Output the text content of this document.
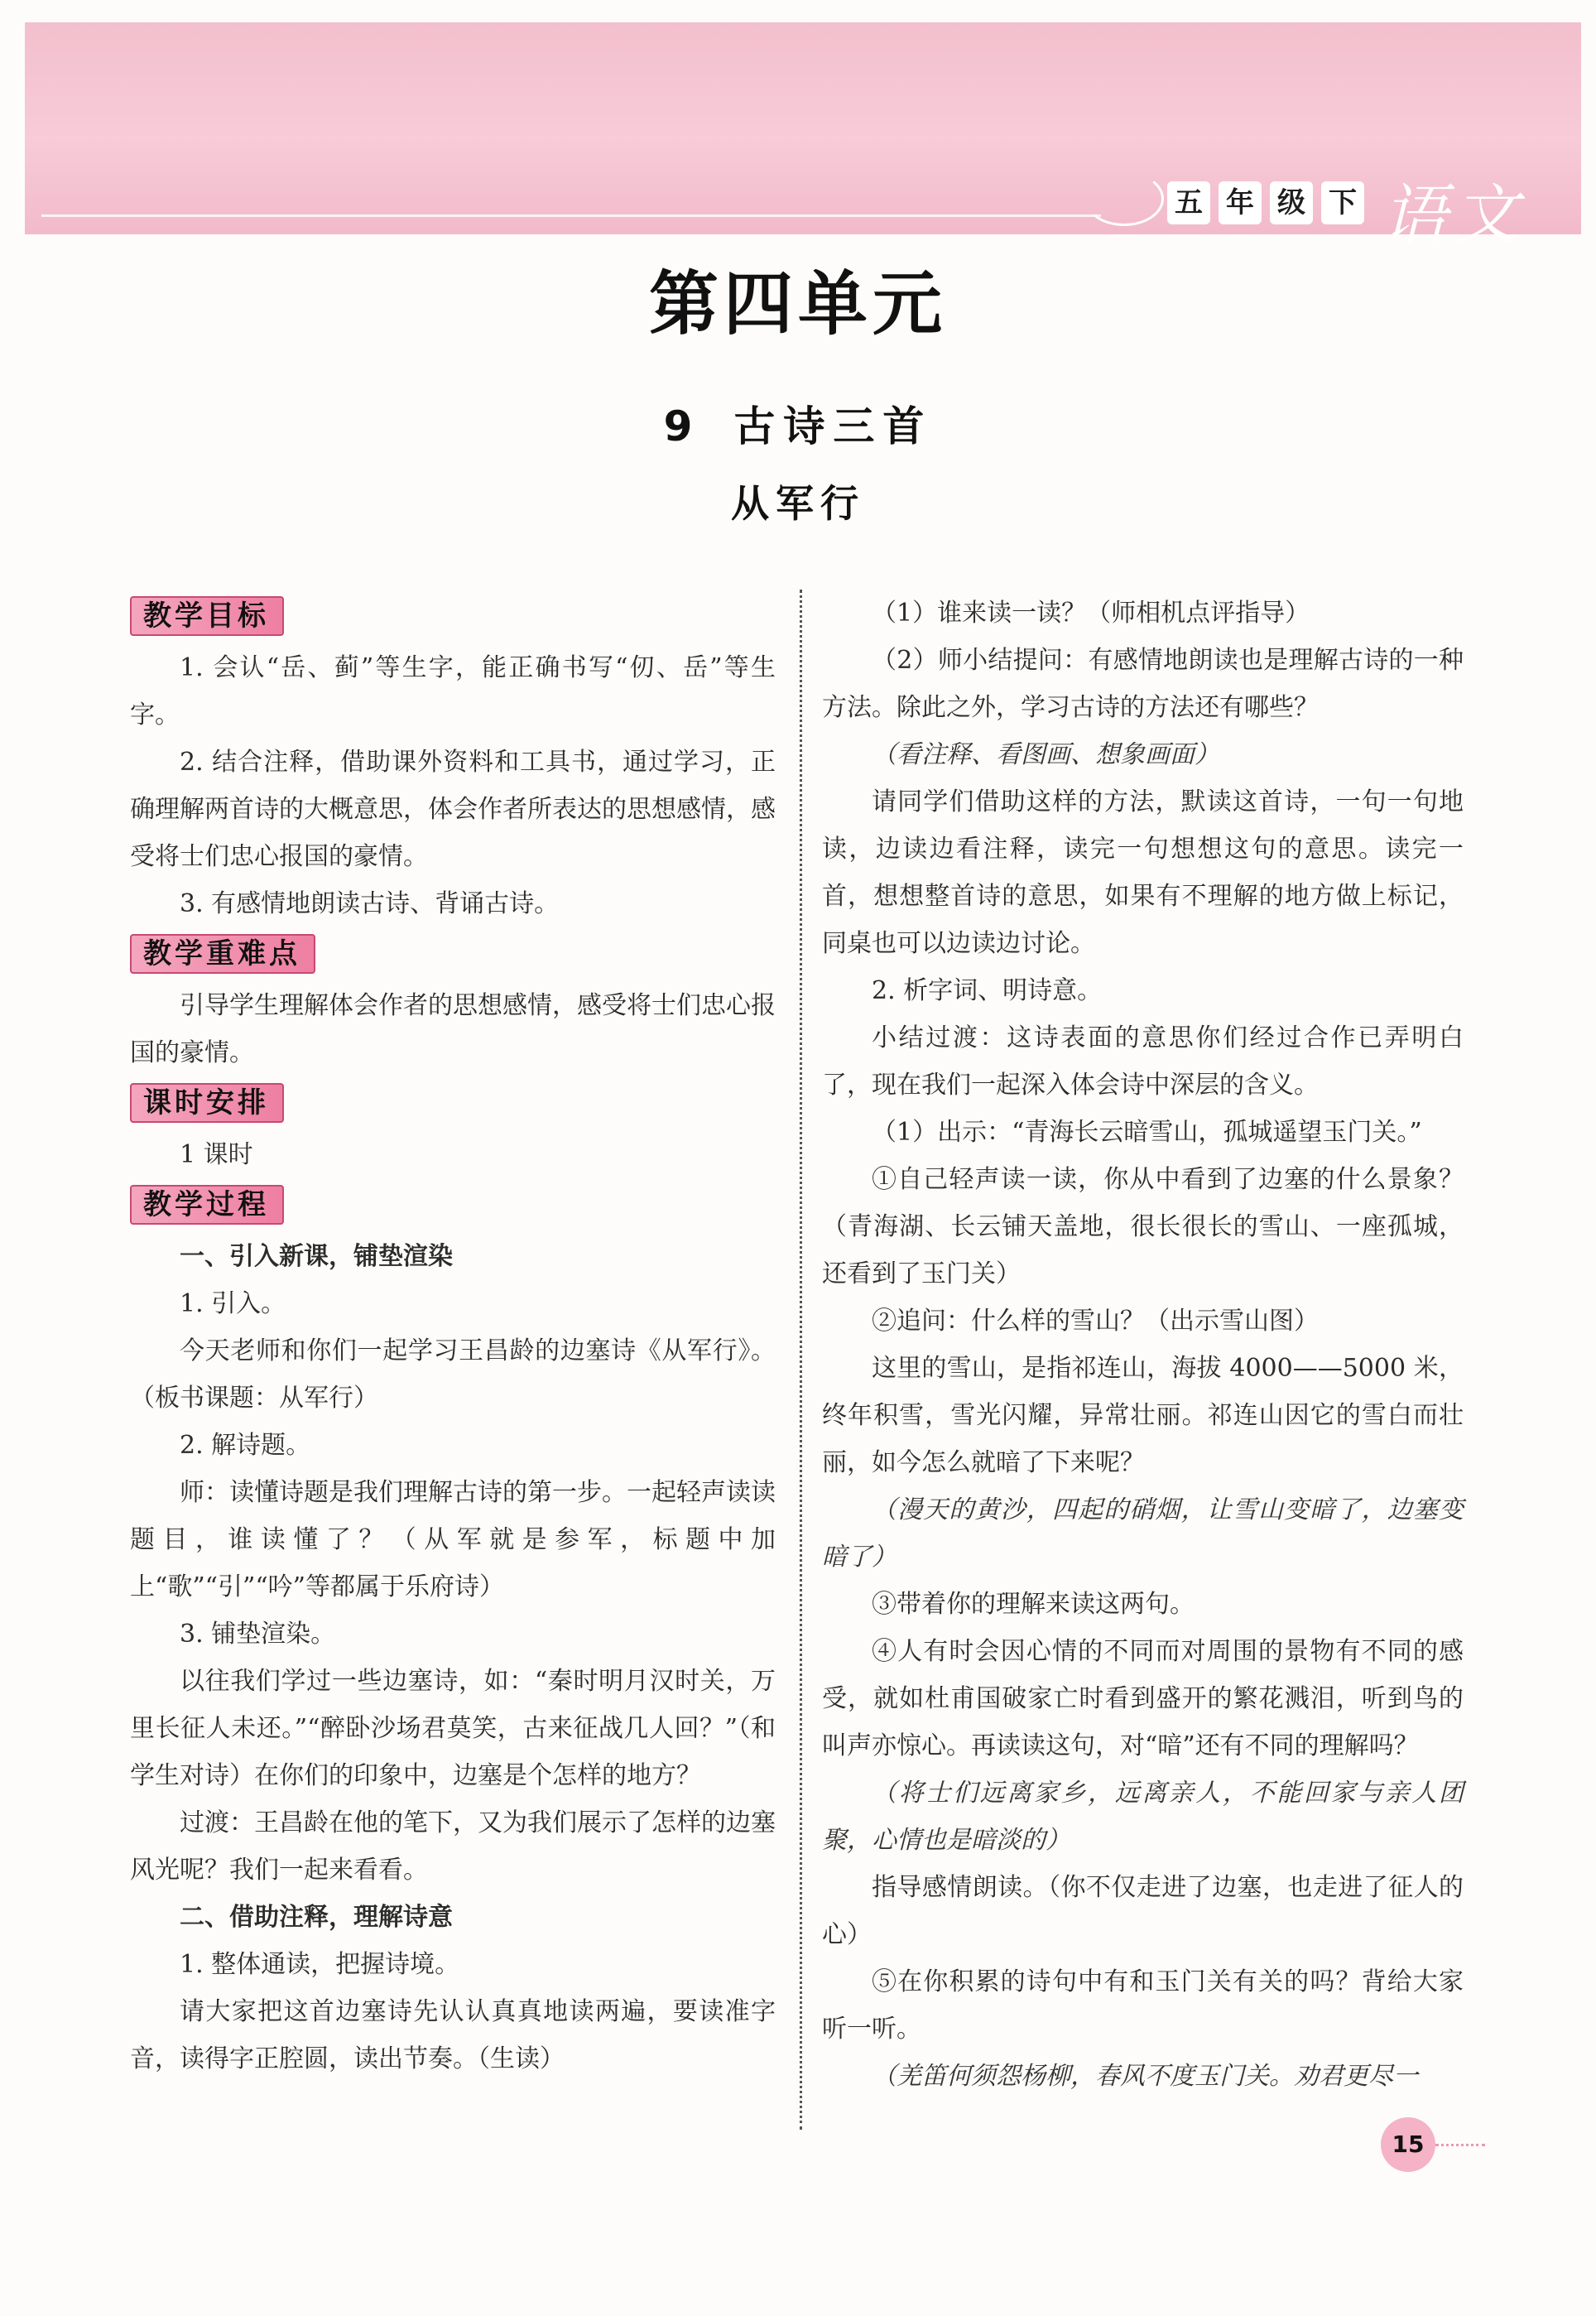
五 年 级 下 语文
第四单元
9 古诗三首
从军行
教学目标

1. 会认“岳、蓟”等生字，能正确书写“仞、岳”等生字。

2. 结合注释，借助课外资料和工具书，通过学习，正确理解两首诗的大概意思，体会作者所表达的思想感情，感受将士们忠心报国的豪情。

3. 有感情地朗读古诗、背诵古诗。

教学重难点

引导学生理解体会作者的思想感情，感受将士们忠心报国的豪情。

课时安排

1 课时

教学过程

一、引入新课，铺垫渲染

1. 引入。

今天老师和你们一起学习王昌龄的边塞诗《从军行》。（板书课题：从军行）

2. 解诗题。

师：读懂诗题是我们理解古诗的第一步。一起轻声读读题目，谁读懂了？（从军就是参军，标题中加上“歌”“引”“吟”等都属于乐府诗）

3. 铺垫渲染。

以往我们学过一些边塞诗，如：“秦时明月汉时关，万里长征人未还。”“醉卧沙场君莫笑，古来征战几人回？”（和学生对诗）在你们的印象中，边塞是个怎样的地方？

过渡：王昌龄在他的笔下，又为我们展示了怎样的边塞风光呢？我们一起来看看。

二、借助注释，理解诗意

1. 整体通读，把握诗境。

请大家把这首边塞诗先认认真真地读两遍，要读准字音，读得字正腔圆，读出节奏。（生读）

（1）谁来读一读？（师相机点评指导）

（2）师小结提问：有感情地朗读也是理解古诗的一种方法。除此之外，学习古诗的方法还有哪些？

（看注释、看图画、想象画面）

请同学们借助这样的方法，默读这首诗，一句一句地读，边读边看注释，读完一句想想这句的意思。读完一首，想想整首诗的意思，如果有不理解的地方做上标记，同桌也可以边读边讨论。

2. 析字词、明诗意。

小结过渡：这诗表面的意思你们经过合作已弄明白了，现在我们一起深入体会诗中深层的含义。

（1）出示：“青海长云暗雪山，孤城遥望玉门关。”

①自己轻声读一读，你从中看到了边塞的什么景象？（青海湖、长云铺天盖地，很长很长的雪山、一座孤城，还看到了玉门关）

②追问：什么样的雪山？（出示雪山图）

这里的雪山，是指祁连山，海拔 4000——5000 米，终年积雪，雪光闪耀，异常壮丽。祁连山因它的雪白而壮丽，如今怎么就暗了下来呢？

（漫天的黄沙，四起的硝烟，让雪山变暗了，边塞变暗了）

③带着你的理解来读这两句。

④人有时会因心情的不同而对周围的景物有不同的感受，就如杜甫国破家亡时看到盛开的繁花溅泪，听到鸟的叫声亦惊心。再读读这句，对“暗”还有不同的理解吗？

（将士们远离家乡，远离亲人，不能回家与亲人团聚，心情也是暗淡的）

指导感情朗读。（你不仅走进了边塞，也走进了征人的心）

⑤在你积累的诗句中有和玉门关有关的吗？背给大家听一听。

（羌笛何须怨杨柳，春风不度玉门关。劝君更尽一

15
